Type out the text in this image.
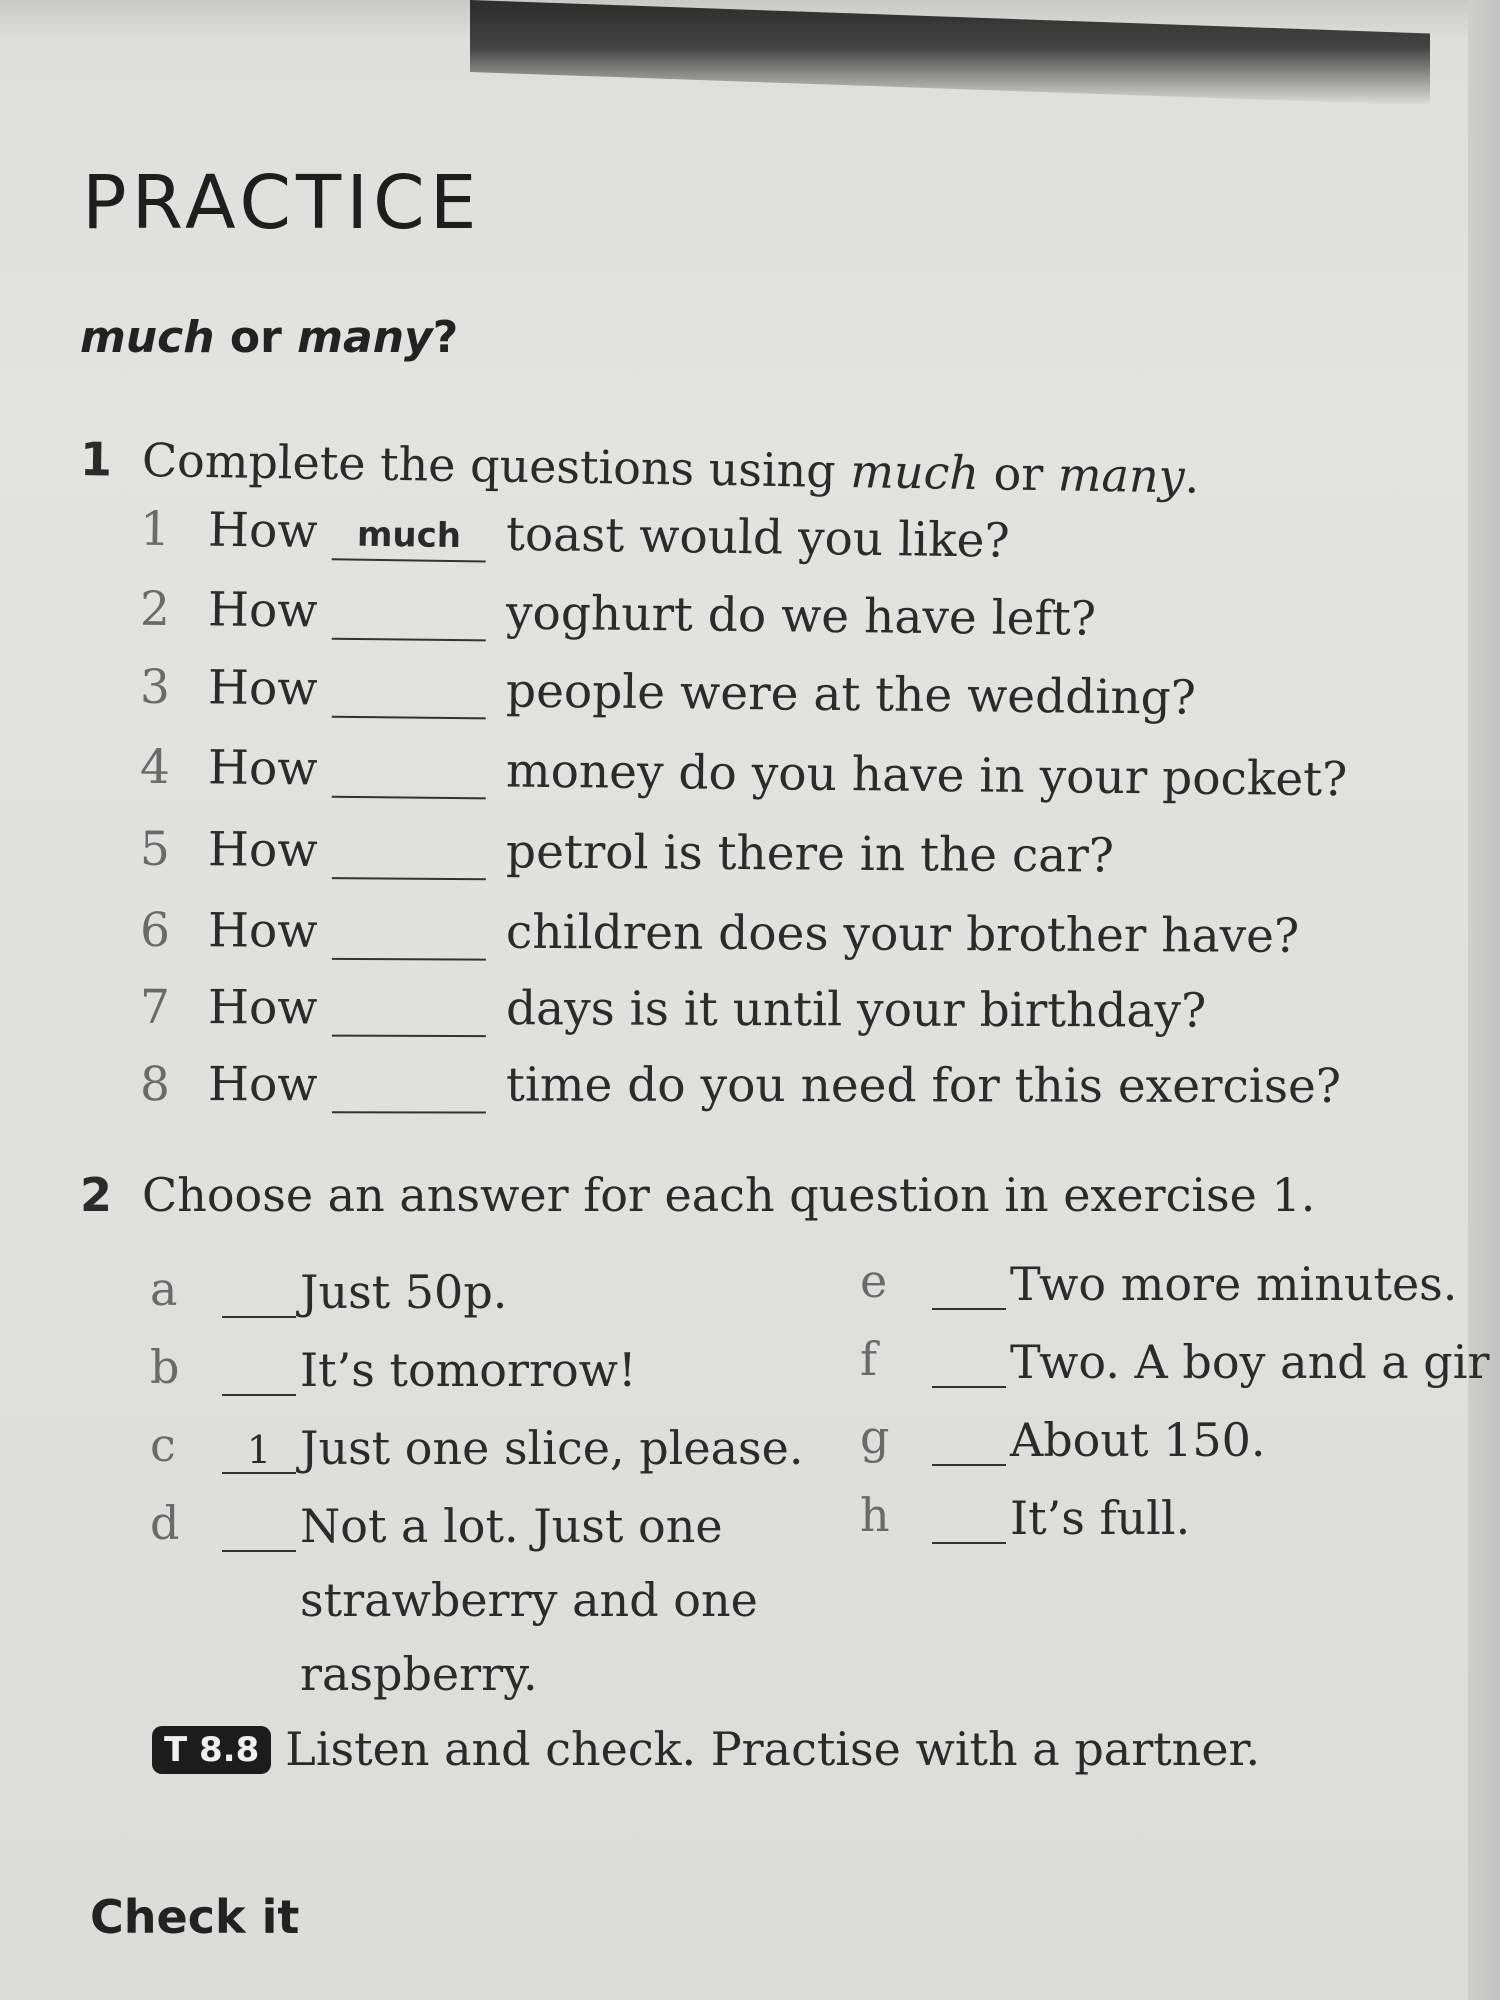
PRACTICE
much or many?
1 Complete the questions using much or many.
1 How	much toast would you like?
2 How	yoghurt do we have left?
3 How	people were at the wedding?
4 How	money do you have in your pocket?
5 How	petrol is there in the car?
6 How	children does your brother have?
7 How	days is it until your birthday?
8 How	time do you need for this exercise?
2 Choose an answer for each question in exercise 1.
a	Just 50p.
b	It’s tomorrow!
c	1 Just one slice, please.
d	Not a lot. Just one
strawberry and one
raspberry.
e	Two more minutes.
f	Two. A boy and a gir
g	About 150.
h	It’s full.
T 8.8 Listen and check. Practise with a partner.
Check it
